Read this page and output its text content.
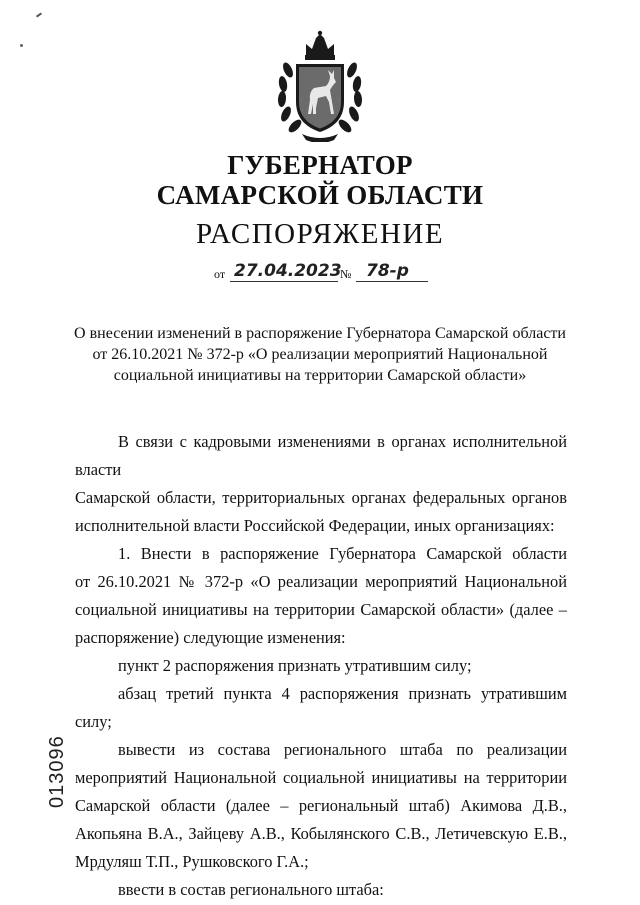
ГУБЕРНАТОР
САМАРСКОЙ ОБЛАСТИ
РАСПОРЯЖЕНИЕ
от 27.04.2023
№ 78-р
О внесении изменений в распоряжение Губернатора Самарской области
от 26.10.2021 № 372-р «О реализации мероприятий Национальной
социальной инициативы на территории Самарской области»
В связи с кадровыми изменениями в органах исполнительной власти
Самарской области, территориальных органах федеральных органов
исполнительной власти Российской Федерации, иных организациях:
1. Внести в распоряжение Губернатора Самарской области
от 26.10.2021 № 372-р «О реализации мероприятий Национальной
социальной инициативы на территории Самарской области» (далее –
распоряжение) следующие изменения:
пункт 2 распоряжения признать утратившим силу;
абзац третий пункта 4 распоряжения признать утратившим силу;
вывести из состава регионального штаба по реализации
мероприятий Национальной социальной инициативы на территории
Самарской области (далее – региональный штаб) Акимова Д.В.,
Акопьяна В.А., Зайцеву А.В., Кобылянского С.В., Летичевскую Е.В.,
Мрдуляш Т.П., Рушковского Г.А.;
ввести в состав регионального штаба:
013096
